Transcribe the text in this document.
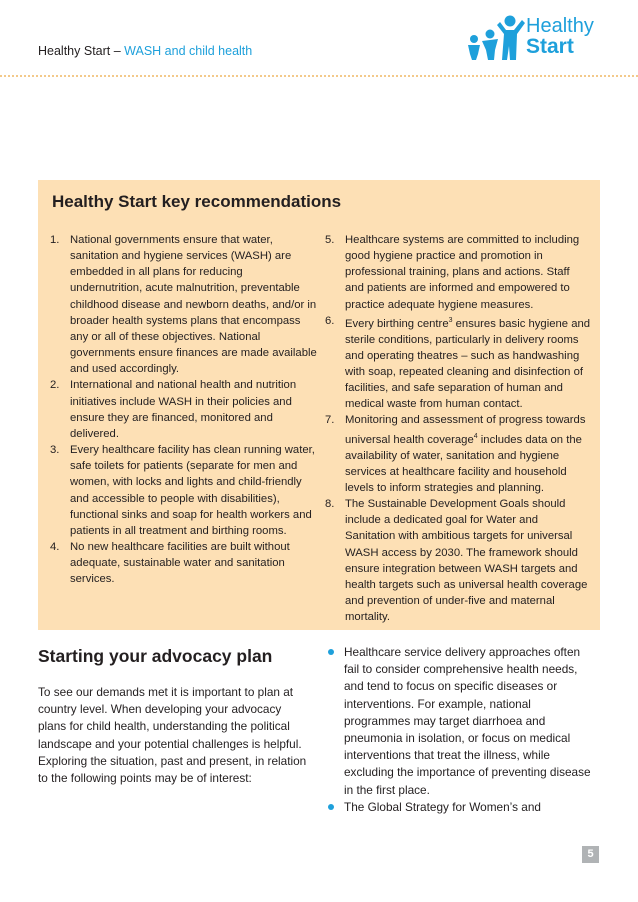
Healthy Start – WASH and child health
Healthy
Start
Healthy Start key recommendations
1. National governments ensure that water, sanitation and hygiene services (WASH) are embedded in all plans for reducing undernutrition, acute malnutrition, preventable childhood disease and newborn deaths, and/or in broader health systems plans that encompass any or all of these objectives. National governments ensure finances are made available and used accordingly.
2. International and national health and nutrition initiatives include WASH in their policies and ensure they are financed, monitored and delivered.
3. Every healthcare facility has clean running water, safe toilets for patients (separate for men and women, with locks and lights and child-friendly and accessible to people with disabilities), functional sinks and soap for health workers and patients in all treatment and birthing rooms.
4. No new healthcare facilities are built without adequate, sustainable water and sanitation services.
5. Healthcare systems are committed to including good hygiene practice and promotion in professional training, plans and actions. Staff and patients are informed and empowered to practice adequate hygiene measures.
6. Every birthing centre$^3$ ensures basic hygiene and sterile conditions, particularly in delivery rooms and operating theatres – such as handwashing with soap, repeated cleaning and disinfection of facilities, and safe separation of human and medical waste from human contact.
7. Monitoring and assessment of progress towards universal health coverage$^4$ includes data on the availability of water, sanitation and hygiene services at healthcare facility and household levels to inform strategies and planning.
8. The Sustainable Development Goals should include a dedicated goal for Water and Sanitation with ambitious targets for universal WASH access by 2030. The framework should ensure integration between WASH targets and health targets such as universal health coverage and prevention of under-five and maternal mortality.
Starting your advocacy plan
To see our demands met it is important to plan at country level. When developing your advocacy plans for child health, understanding the political landscape and your potential challenges is helpful. Exploring the situation, past and present, in relation to the following points may be of interest:
Healthcare service delivery approaches often fail to consider comprehensive health needs, and tend to focus on specific diseases or interventions. For example, national programmes may target diarrhoea and pneumonia in isolation, or focus on medical interventions that treat the illness, while excluding the importance of preventing disease in the first place.
The Global Strategy for Women’s and
5
